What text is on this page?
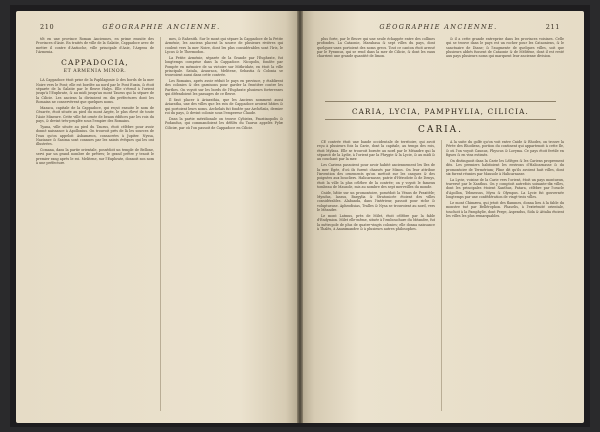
210	GÉOGRAPHIE ANCIENNE.

tôt en une province Roman Anciennes, en prime ensuite des Provinces d'Asie. En traités de ville de la Galatie, Cappadoce avec de mettre il contre d'Antioche, ville principale d'Asie, l'Argens de l'Armenia.

CAPPADOCIA,
ET ARMENIA MINOR.

LA Cappadoce étoit prise de la Paphlagonie & des bords de la mer Noire vers le Pont; elle est bordée au nord par le Pont Euxin, & étoit séparée de la Galatie par le fleuve Halys. Elle s'étend à l'orient jusqu'à l'Euphrate, & au midi jusqu'au mont Taurus qui la sépare de la Cilicie. Les anciens la divisoient en dix préfectures dont les Romains ne conservèrent que quelques noms.

Mazaca, capitale de la Cappadoce, qui reçut ensuite le nom de Césarée, étoit située au pied du mont Argée, le plus élevé de toute l'Asie Mineure. Cette ville fut ornée de beaux édifices par les rois du pays, & devint très-peuplée sous l'empire des Romains.

Tyana, ville située au pied du Taurus, étoit célèbre pour avoir donné naissance à Apollonius. On trouvoit près de là les sources de l'eau qu'on appeloit Asbamæon, consacrées à Jupiter. Nyssa, Nazianze & Sasima sont connues par les saints évêques qui les ont illustrées.

Comana, dans la partie orientale, possédoit un temple de Bellone, servi par un grand nombre de prêtres; le grand prêtre y tenoit le premier rang après le roi. Melitene, sur l'Euphrate, donnoit son nom à une préfecture.

mes, & Rahesith. Sur le mont qui sépare la Cappadoce de la Petite Arménie, les anciens placent la source de plusieurs rivières qui coulent vers la mer Noire, dont les plus considérables sont l'Iris, le Lycus & le Thermodon.

La Petite Arménie, séparée de la Grande par l'Euphrate, fut longtemps comprise dans la Cappadoce. Nicopolis, fondée par Pompée en mémoire de sa victoire sur Mithridate, en étoit la ville principale. Satala, Arauraca, Melitene, Sebastia & Colonia se trouvoient aussi dans cette contrée.

Les Romains, après avoir réduit le pays en province, y établirent des colonies & des garnisons pour garder la frontière contre les Parthes. On voyoit sur les bords de l'Euphrate plusieurs forteresses qui défendoient les passages de ce fleuve.

Il faut placer à Ariarathia, que les Anciens nomment aussi Ariaratha, une des villes que les rois de Cappadoce avoient bâties & qui portoient leurs noms. Archelaïs fut fondée par Archélaüs, dernier roi du pays, & devint colonie sous l'empereur Claude.

Dans la partie méridionale on trouve Cybistra, Faustinopolis & Podandus, qui commandoient les défilés du Taurus appelés Pylæ Ciliciæ, par où l'on passoit de Cappadoce en Cilicie.

GÉOGRAPHIE ANCIENNE.	211

plus forte, par le fleuve qui une seule échappée entre des collines profondes. La Cataonie, Marabasa & sept villes du pays, dont quelques-unes portoient des noms grecs. Tout ce canton étoit arrosé par le Pyramus, qui se rend dans la mer de Cilicie, & dont les eaux charrient une grande quantité de limon.

& il a cette grande entreprise dans les provinces voisines. Celle qui se trouve dans le pays est un rocher pour les Cataoniens, & le sanctuaire de Diane; & l'augmente de quelques villes, soit que plusieurs abbés fussent de Cataonie & de Mélitène, dont il est resté aux pays plusieurs noms qui marquent leur ancienne division.

CARIA, LYCIA, PAMPHYLIA, CILICIA.
CARIA.

CE contrée étoit une bande occidentale de territoire, qui avoit reçu à plusieurs fois la Carie, dont la capitale, au temps des rois, étoit Mylasa. Elle se trouvoit bornée au nord par le Méandre qui la séparoit de la Lydie, à l'orient par la Phrygie & la Lycie, & au midi & au couchant par la mer.

Les Cariens passoient pour avoir habité anciennement les îles de la mer Égée, d'où ils furent chassés par Minos. On leur attribue l'invention des ornements qu'on mettoit sur les casques & des poignées aux boucliers. Halicarnasse, patrie d'Hérodote & de Denys, étoit la ville la plus célèbre de la contrée; on y voyoit le fameux tombeau de Mausole, mis au nombre des sept merveilles du monde.

Cnide, bâtie sur un promontoire, possédoit la Vénus de Praxitèle; Myndus, Iassus, Bargylia & Stratonicée étoient des villes considérables. Alabanda, dans l'intérieur, passoit pour riche & voluptueuse. Aphrodisias, Tralles & Nysa se trouvoient au nord, vers le Méandre.

Le mont Latmus, près de Milet, étoit célèbre par la fable d'Endymion. Milet elle-même, située à l'embouchure du Méandre, fut la métropole de plus de quatre-vingts colonies; elle donna naissance à Thalès, à Anaximandre & à plusieurs autres philosophes.

A la suite du golfe qu'on voit entre Cnide & Rhodes, on trouve la Pérée des Rhodiens, portion du continent qui appartenoit à cette île, & où l'on voyoit Caunus, Physcus & Loryma. Ce pays étoit fertile en figues & en vins estimés.

On distinguoit dans la Carie les Lélèges & les Cariens proprement dits. Les premiers habitoient les environs d'Halicarnasse & du promontoire de Termérium; Pline dit qu'ils avoient huit villes, dont six furent réunies par Mausole à Halicarnasse.

La Lycie, voisine de la Carie vers l'orient, étoit un pays montueux, traversé par le Xanthus. On y comptoit autrefois soixante-dix villes, dont les principales étoient Xanthus, Patara, célèbre par l'oracle d'Apollon, Telmessus, Myra & Olympus. La Lycie fut gouvernée longtemps par une confédération de vingt-trois villes.

Le mont Chimæra, qui jetoit des flammes, donna lieu à la fable du monstre tué par Bellérophon. Phaselis, à l'extrémité orientale, touchoit à la Pamphylie, dont Perge, Aspendus, Sida & Attalia étoient les villes les plus remarquables.
